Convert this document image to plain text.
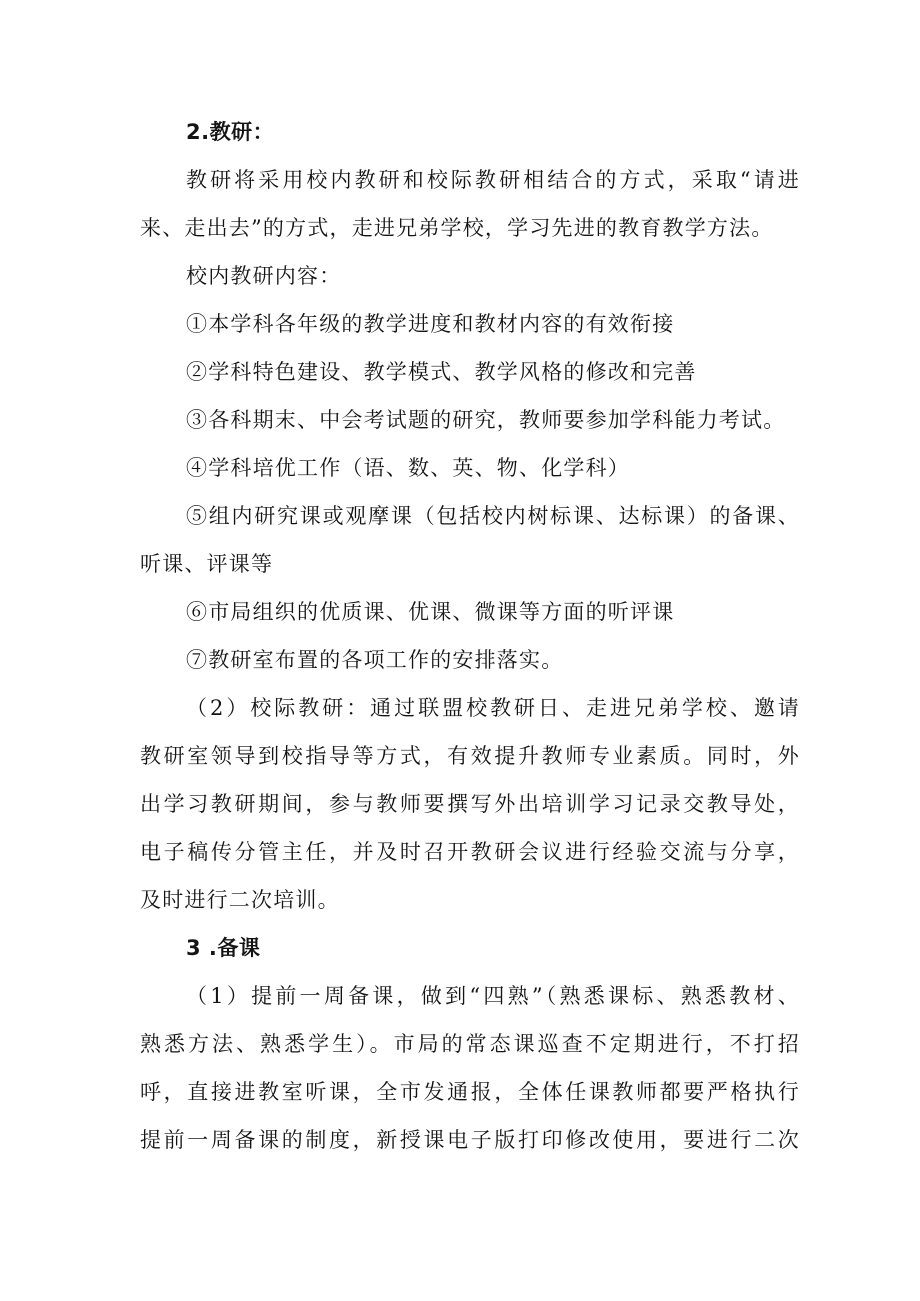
2.教研：
教研将采用校内教研和校际教研相结合的方式，采取“请进
来、走出去”的方式，走进兄弟学校，学习先进的教育教学方法。
校内教研内容：
①本学科各年级的教学进度和教材内容的有效衔接
②学科特色建设、教学模式、教学风格的修改和完善
③各科期末、中会考试题的研究，教师要参加学科能力考试。
④学科培优工作（语、数、英、物、化学科）
⑤组内研究课或观摩课（包括校内树标课、达标课）的备课、
听课、评课等
⑥市局组织的优质课、优课、微课等方面的听评课
⑦教研室布置的各项工作的安排落实。
（2）校际教研：通过联盟校教研日、走进兄弟学校、邀请
教研室领导到校指导等方式，有效提升教师专业素质。同时，外
出学习教研期间，参与教师要撰写外出培训学习记录交教导处，
电子稿传分管主任，并及时召开教研会议进行经验交流与分享，
及时进行二次培训。
3 .备课
（1）提前一周备课，做到“四熟”（熟悉课标、熟悉教材、
熟悉方法、熟悉学生）。市局的常态课巡查不定期进行，不打招
呼，直接进教室听课，全市发通报，全体任课教师都要严格执行
提前一周备课的制度，新授课电子版打印修改使用，要进行二次
